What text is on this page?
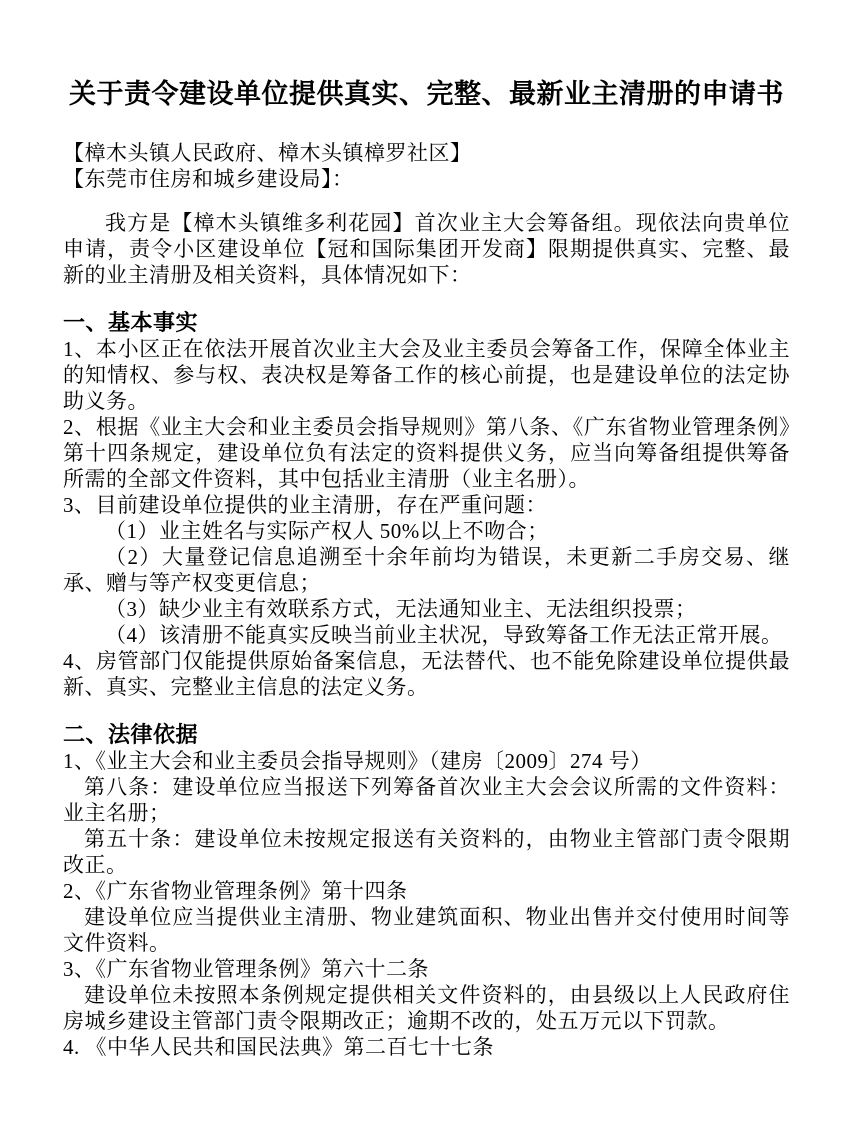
关于责令建设单位提供真实、完整、最新业主清册的申请书

【樟木头镇人民政府、樟木头镇樟罗社区】

【东莞市住房和城乡建设局】：

我方是【樟木头镇维多利花园】首次业主大会筹备组。现依法向贵单位申请，责令小区建设单位【冠和国际集团开发商】限期提供真实、完整、最新的业主清册及相关资料，具体情况如下：

一、基本事实

1、本小区正在依法开展首次业主大会及业主委员会筹备工作，保障全体业主的知情权、参与权、表决权是筹备工作的核心前提，也是建设单位的法定协助义务。

2、根据《业主大会和业主委员会指导规则》第八条、《广东省物业管理条例》第十四条规定，建设单位负有法定的资料提供义务，应当向筹备组提供筹备所需的全部文件资料，其中包括业主清册（业主名册）。

3、目前建设单位提供的业主清册，存在严重问题：

（1）业主姓名与实际产权人 50%以上不吻合；

（2）大量登记信息追溯至十余年前均为错误，未更新二手房交易、继承、赠与等产权变更信息；

（3）缺少业主有效联系方式，无法通知业主、无法组织投票；

（4）该清册不能真实反映当前业主状况，导致筹备工作无法正常开展。

4、房管部门仅能提供原始备案信息，无法替代、也不能免除建设单位提供最新、真实、完整业主信息的法定义务。

二、法律依据

1、《业主大会和业主委员会指导规则》（建房〔2009〕274 号）

第八条：建设单位应当报送下列筹备首次业主大会会议所需的文件资料：业主名册；

第五十条：建设单位未按规定报送有关资料的，由物业主管部门责令限期改正。

2、《广东省物业管理条例》第十四条

建设单位应当提供业主清册、物业建筑面积、物业出售并交付使用时间等文件资料。

3、《广东省物业管理条例》第六十二条

建设单位未按照本条例规定提供相关文件资料的，由县级以上人民政府住房城乡建设主管部门责令限期改正；逾期不改的，处五万元以下罚款。

4. 《中华人民共和国民法典》第二百七十七条
